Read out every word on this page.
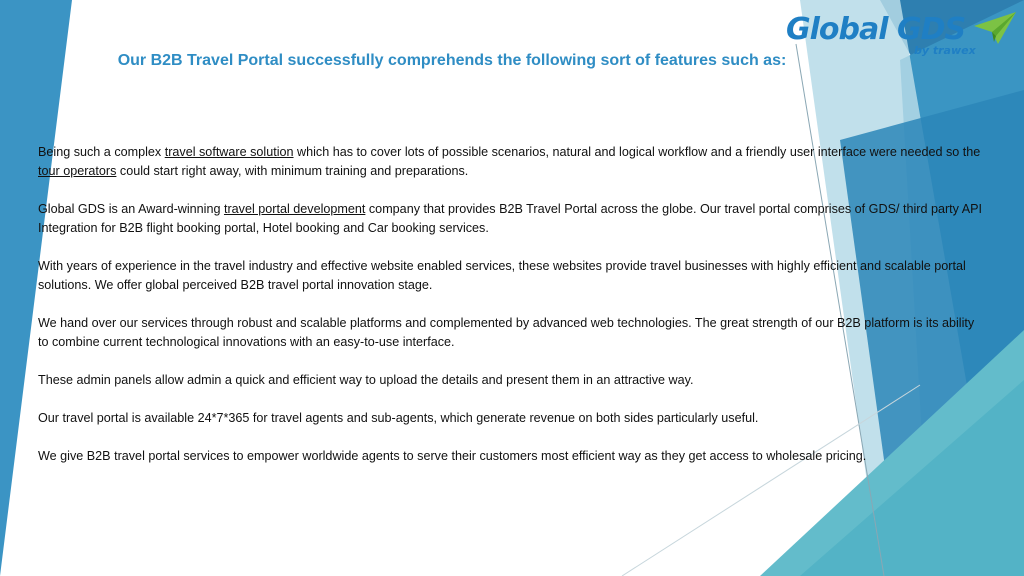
Global GDS
by trawex
Our B2B Travel Portal successfully comprehends the following sort of features such as:

Being such a complex travel software solution which has to cover lots of possible scenarios, natural and logical workflow and a friendly user interface were needed so the tour operators could start right away, with minimum training and preparations.

Global GDS is an Award-winning travel portal development company that provides B2B Travel Portal across the globe. Our travel portal comprises of GDS/ third party API Integration for B2B flight booking portal, Hotel booking and Car booking services.

With years of experience in the travel industry and effective website enabled services, these websites provide travel businesses with highly efficient and scalable portal solutions. We offer global perceived B2B travel portal innovation stage.

We hand over our services through robust and scalable platforms and complemented by advanced web technologies. The great strength of our B2B platform is its ability to combine current technological innovations with an easy-to-use interface.

These admin panels allow admin a quick and efficient way to upload the details and present them in an attractive way.

Our travel portal is available 24*7*365 for travel agents and sub-agents, which generate revenue on both sides particularly useful.

We give B2B travel portal services to empower worldwide agents to serve their customers most efficient way as they get access to wholesale pricing.
